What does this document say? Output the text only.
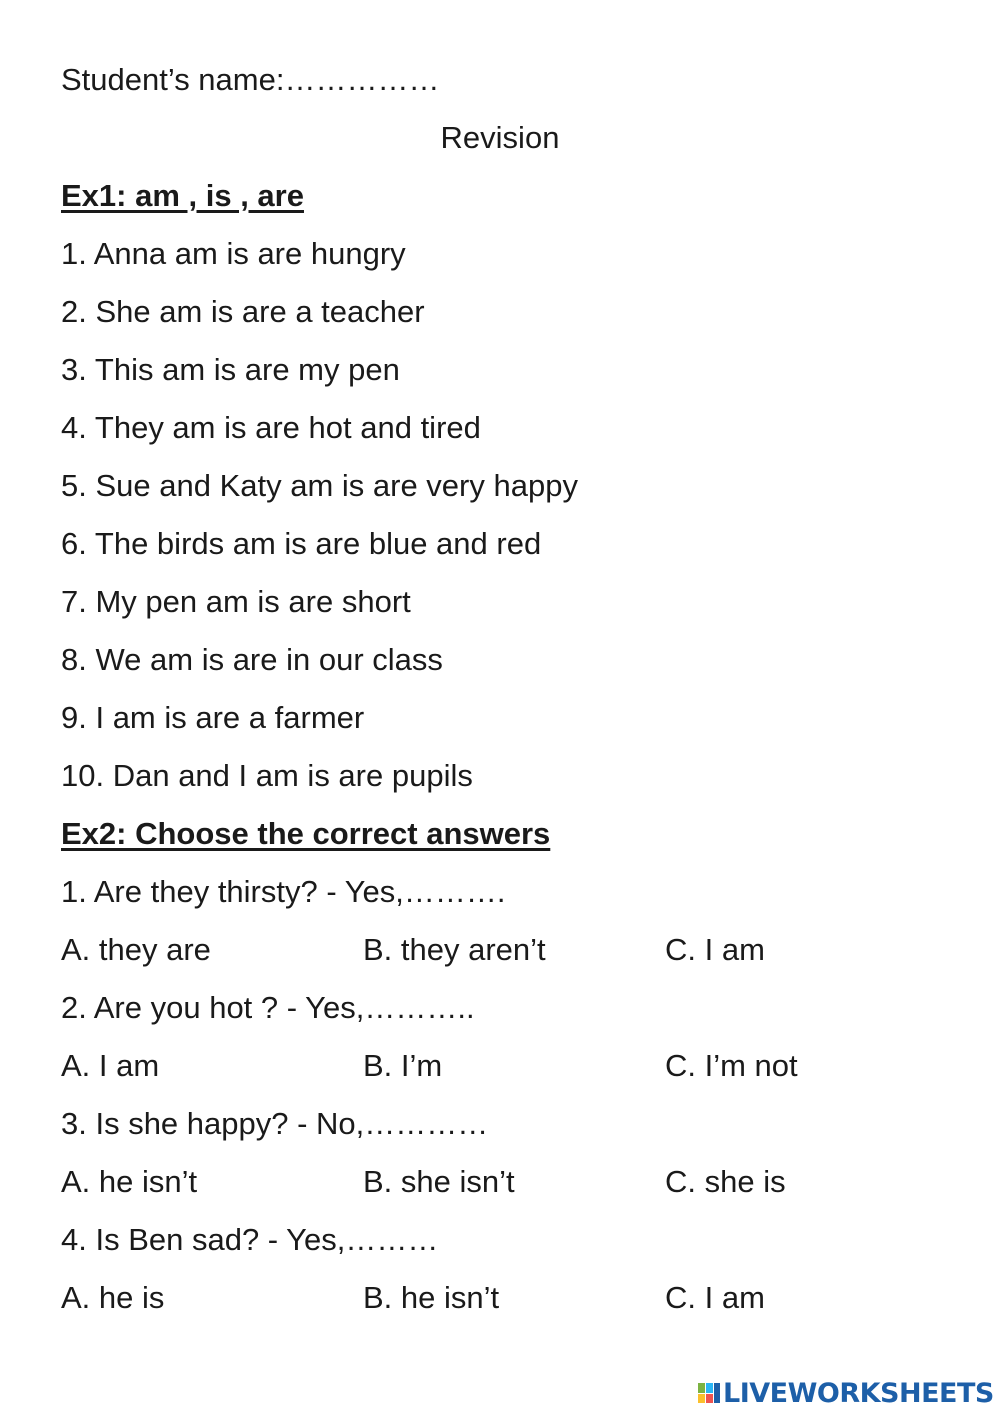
Student’s name:……………
Revision
Ex1: am , is , are
1. Anna am is are hungry
2. She am is are a teacher
3. This am is are my pen
4. They am is are hot and tired
5. Sue and Katy am is are very happy
6. The birds am is are blue and red
7. My pen am is are short
8. We am is are in our class
9. I am is are a farmer
10. Dan and I am is are pupils
Ex2: Choose the correct answers
1. Are they thirsty? - Yes,……….
A. they are	B. they aren’t	C. I am
2. Are you hot ? - Yes,………..
A. I am	B. I’m	C. I’m not
3. Is she happy? - No,…………
A. he isn’t	B. she isn’t	C. she is
4. Is Ben sad? - Yes,………
A. he is	B. he isn’t	C. I am
LIVEWORKSHEETS
